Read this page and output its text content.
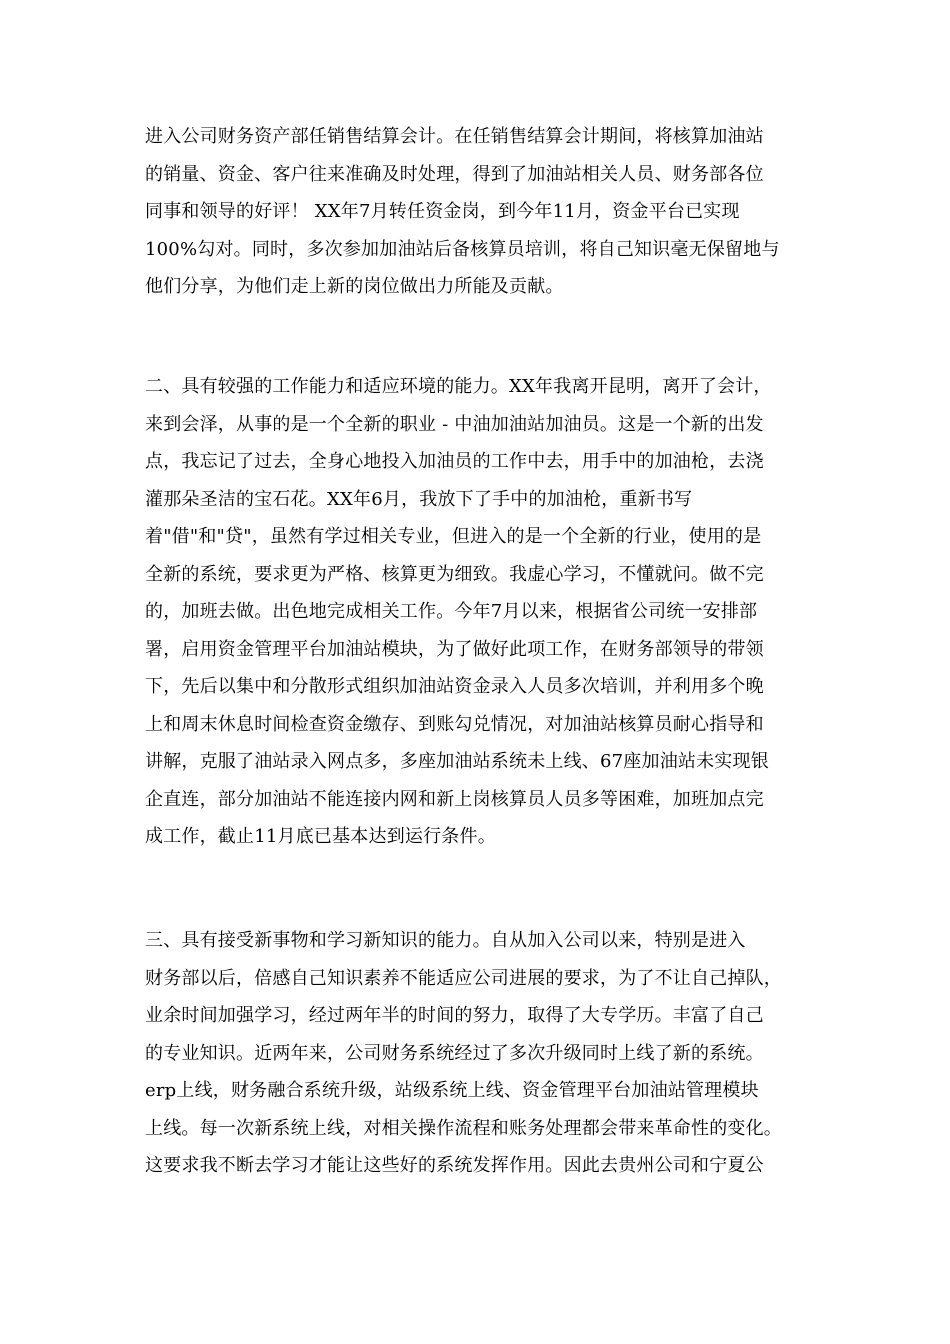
进入公司财务资产部任销售结算会计。在任销售结算会计期间，将核算加油站
的销量、资金、客户往来准确及时处理，得到了加油站相关人员、财务部各位
同事和领导的好评！ XX年7月转任资金岗，到今年11月，资金平台已实现
100%勾对。同时，多次参加加油站后备核算员培训，将自己知识毫无保留地与
他们分享，为他们走上新的岗位做出力所能及贡献。
二、具有较强的工作能力和适应环境的能力。XX年我离开昆明，离开了会计，
来到会泽，从事的是一个全新的职业 - 中油加油站加油员。这是一个新的出发
点，我忘记了过去，全身心地投入加油员的工作中去，用手中的加油枪，去浇
灌那朵圣洁的宝石花。XX年6月，我放下了手中的加油枪，重新书写
着"借"和"贷"，虽然有学过相关专业，但进入的是一个全新的行业，使用的是
全新的系统，要求更为严格、核算更为细致。我虚心学习，不懂就问。做不完
的，加班去做。出色地完成相关工作。今年7月以来，根据省公司统一安排部
署，启用资金管理平台加油站模块，为了做好此项工作，在财务部领导的带领
下，先后以集中和分散形式组织加油站资金录入人员多次培训，并利用多个晚
上和周末休息时间检查资金缴存、到账勾兑情况，对加油站核算员耐心指导和
讲解，克服了油站录入网点多，多座加油站系统未上线、67座加油站未实现银
企直连，部分加油站不能连接内网和新上岗核算员人员多等困难，加班加点完
成工作，截止11月底已基本达到运行条件。
三、具有接受新事物和学习新知识的能力。自从加入公司以来，特别是进入
财务部以后，倍感自己知识素养不能适应公司进展的要求，为了不让自己掉队，
业余时间加强学习，经过两年半的时间的努力，取得了大专学历。丰富了自己
的专业知识。近两年来，公司财务系统经过了多次升级同时上线了新的系统。
erp上线，财务融合系统升级，站级系统上线、资金管理平台加油站管理模块
上线。每一次新系统上线，对相关操作流程和账务处理都会带来革命性的变化。
这要求我不断去学习才能让这些好的系统发挥作用。因此去贵州公司和宁夏公
